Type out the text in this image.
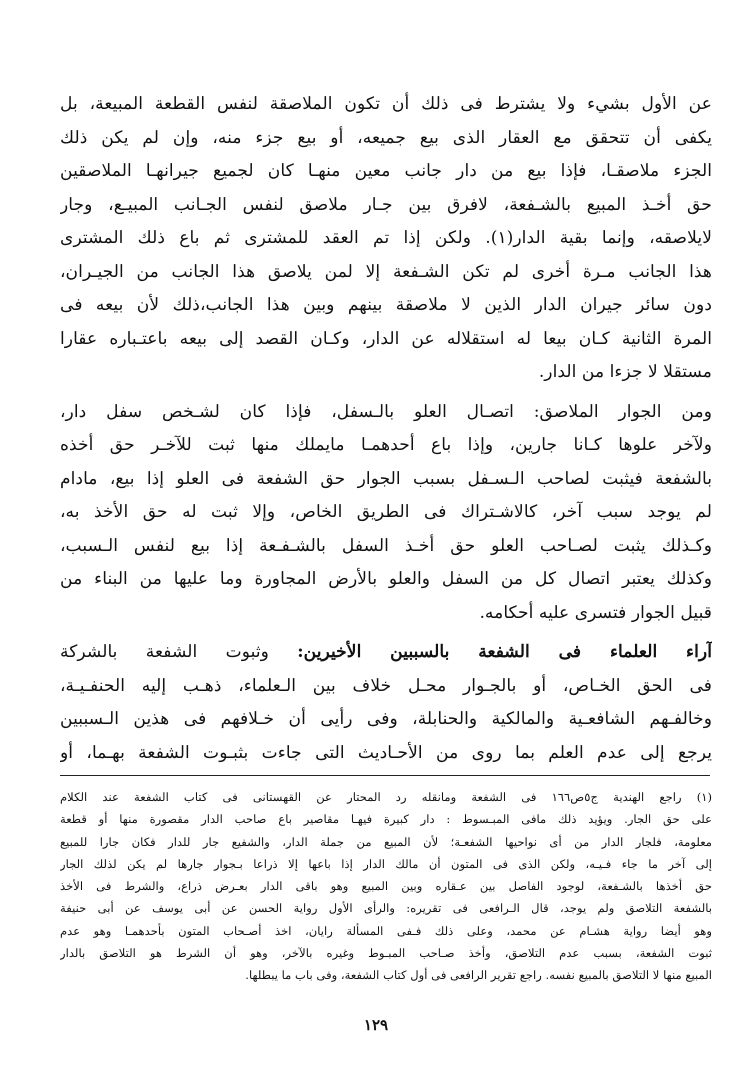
عن الأول بشيء ولا يشترط فى ذلك أن تكون الملاصقة لنفس القطعة المبيعة، بل
يكفى أن تتحقق مع العقار الذى بيع جميعه، أو بيع جزء منه، وإن لم يكن ذلك
الجزء ملاصقـا، فإذا بيع من دار جانب معين منهـا كان لجميع جيرانهـا الملاصقين
حق أخـذ المبيع بالشـفعة، لافرق بين جـار ملاصق لنفس الجـانب المبيـع، وجار
لايلاصقه، وإنما بقية الدار(١). ولكن إذا تم العقد للمشترى ثم باع ذلك المشترى
هذا الجانب مـرة أخرى لم تكن الشـفعة إلا لمن يلاصق هذا الجانب من الجيـران،
دون سائر جيران الدار الذين لا ملاصقة بينهم وبين هذا الجانب،ذلك لأن بيعه فى
المرة الثانية كـان بيعا له استقلاله عن الدار، وكـان القصد إلى بيعه باعتـباره عقارا
مستقلا لا جزءا من الدار.
ومن الجوار الملاصق: اتصـال العلو بالـسفل، فإذا كان لشـخص سفل دار،
ولآخر علوها كـانا جارين، وإذا باع أحدهمـا مايملك منها ثبت للآخـر حق أخذه
بالشفعة فيثبت لصاحب الـسـفل بسبب الجوار حق الشفعة فى العلو إذا بيع، مادام
لم يوجد سبب آخر، كالاشـتراك فى الطريق الخاص، وإلا ثبت له حق الأخذ به،
وكـذلك يثبت لصـاحب العلو حق أخـذ السفل بالشـفـعة إذا بيع لنفس الـسبب،
وكذلك يعتبر اتصال كل من السفل والعلو بالأرض المجاورة وما عليها من البناء من
قبيل الجوار فتسرى عليه أحكامه.
آراء العلماء فى الشفعة بالسببين الأخيرين: وثبوت الشفعة بالشركة
فى الحق الخـاص، أو بالجـوار محـل خلاف بين الـعلماء، ذهـب إليه الحنفـيـة،
وخالفـهم الشافعـية والمالكية والحنابلة، وفى رأيى أن خـلافهم فى هذين الـسببين
يرجع إلى عدم العلم بما روى من الأحـاديث التى جاءت بثبـوت الشفعة بهـما، أو
(١) راجع الهندية ج٥ص١٦٦ فى الشفعة ومانقله رد المحتار عن القهستانى فى كتاب الشفعة عند الكلام
على حق الجار. ويؤيد ذلك مافى المبـسوط : دار كبيرة فيهـا مقاصير باع صاحب الدار مقصورة منها أو قطعة
معلومة، فلجار الدار من أى نواحيها الشفعـة؛ لأن المبيع من جملة الدار، والشفيع جار للدار فكان جارا للمبيع
إلى آخر ما جاء فـيـه، ولكن الذى فى المتون أن مالك الدار إذا باعها إلا ذراعا بـجوار جارها لم يكن لذلك الجار
حق أخذها بالشـفعة، لوجود الفاصل بين عـقاره وبين المبيع وهو باقى الدار بعـرض ذراع، والشرط فى الأخذ
بالشفعة التلاصق ولم يوجد، قال الـرافعى فى تقريره: والرأى الأول رواية الحسن عن أبى يوسف عن أبى حنيفة
وهو أيضا رواية هشـام عن محمد، وعلى ذلك فـفى المسألة رايان، اخذ أصـحاب المتون بأحدهمـا وهو عدم
ثبوت الشفعة، بسبب عدم التلاصق، وأخذ صـاحب المبـوط وغيره بالآخر، وهو أن الشرط هو التلاصق بالدار
المبيع منها لا التلاصق بالمبيع نفسه. راجع تقرير الرافعى فى أول كتاب الشفعة، وفى باب ما يبطلها.
١٢٩
